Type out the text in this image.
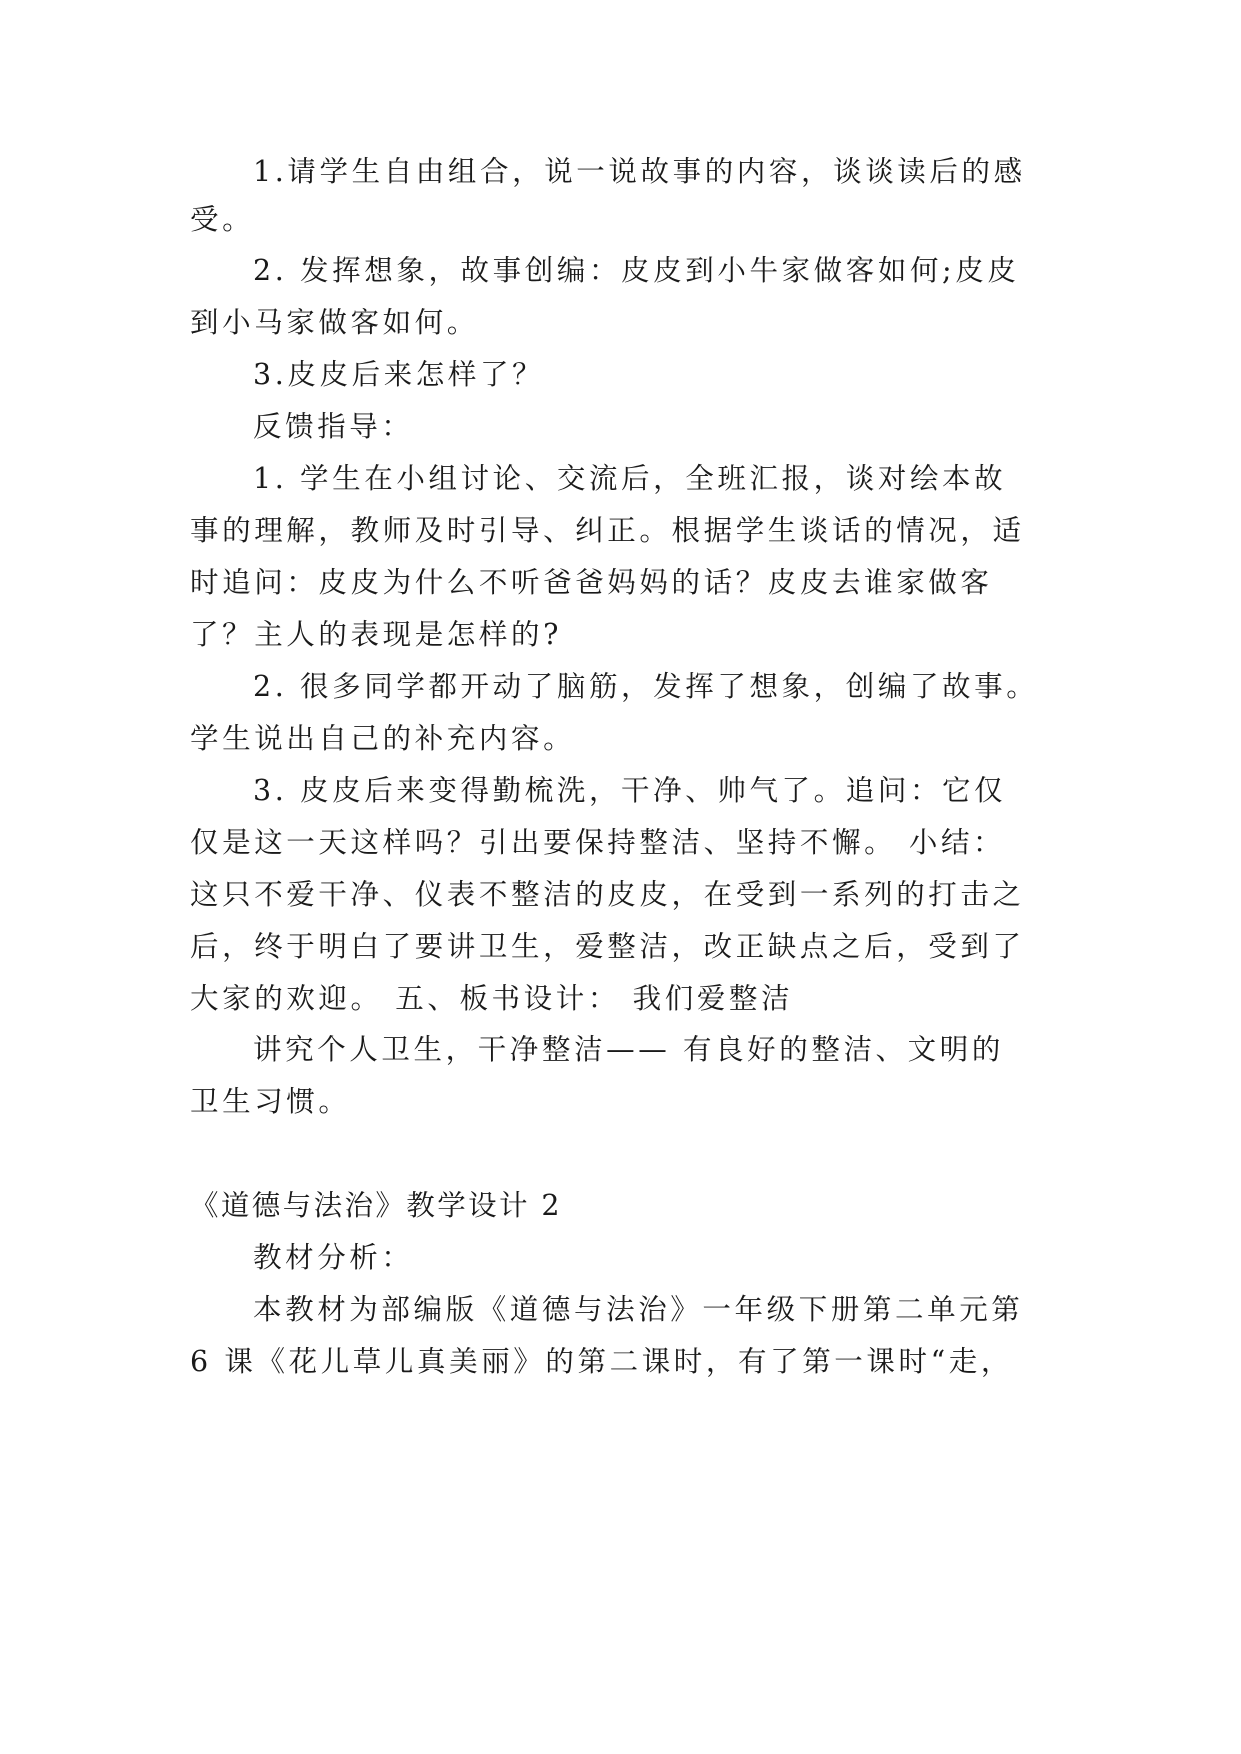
1.请学生自由组合，说一说故事的内容，谈谈读后的感
受。
2. 发挥想象，故事创编：皮皮到小牛家做客如何;皮皮
到小马家做客如何。
3.皮皮后来怎样了？
反馈指导：
1. 学生在小组讨论、交流后，全班汇报，谈对绘本故
事的理解，教师及时引导、纠正。根据学生谈话的情况，适
时追问：皮皮为什么不听爸爸妈妈的话？皮皮去谁家做客
了？主人的表现是怎样的?
2. 很多同学都开动了脑筋，发挥了想象，创编了故事。
学生说出自己的补充内容。
3. 皮皮后来变得勤梳洗，干净、帅气了。追问：它仅
仅是这一天这样吗？引出要保持整洁、坚持不懈。 小结：
这只不爱干净、仪表不整洁的皮皮，在受到一系列的打击之
后，终于明白了要讲卫生，爱整洁，改正缺点之后，受到了
大家的欢迎。 五、板书设计： 我们爱整洁
讲究个人卫生，干净整洁—— 有良好的整洁、文明的
卫生习惯。
《道德与法治》教学设计 2
教材分析：
本教材为部编版《道德与法治》一年级下册第二单元第
6 课《花儿草儿真美丽》的第二课时，有了第一课时“走，
